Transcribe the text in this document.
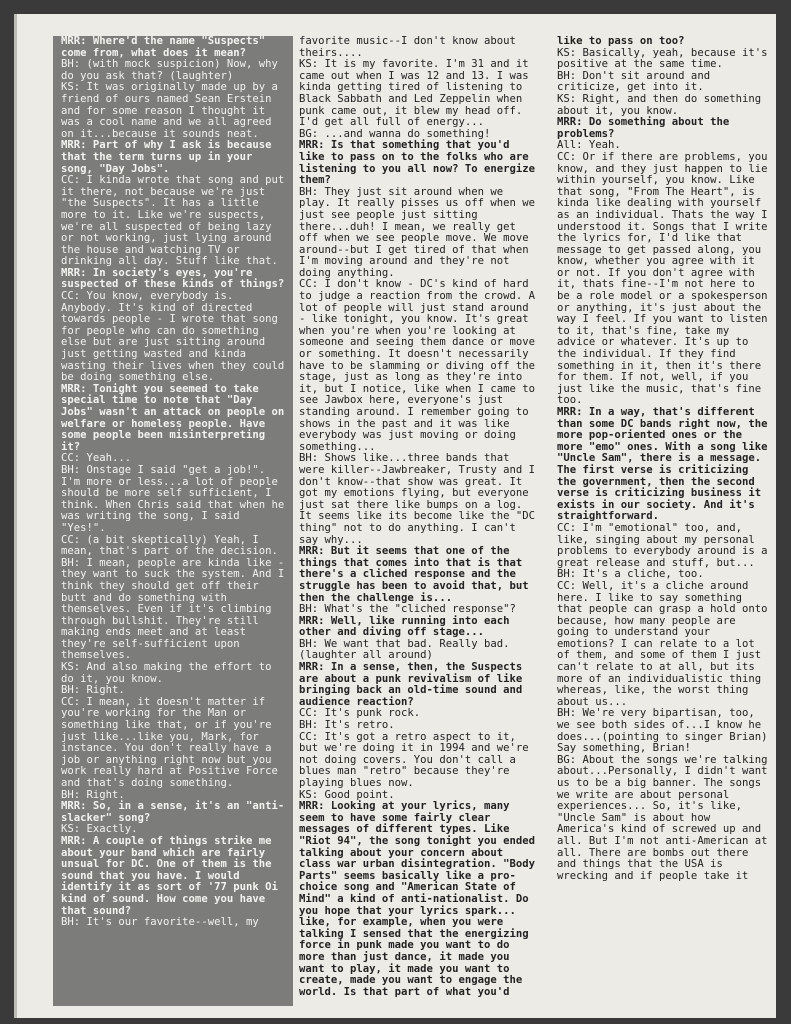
MRR: Where'd the name "Suspects" come from, what does it mean?

BH: (with mock suspicion) Now, why do you ask that? (laughter)

KS: It was originally made up by a friend of ours named Sean Erstein and for some reason I thought it was a cool name and we all agreed on it...because it sounds neat.

MRR: Part of why I ask is because that the term turns up in your song, "Day Jobs".

CC: I kinda wrote that song and put it there, not because we're just "the Suspects". It has a little more to it. Like we're suspects, we're all suspected of being lazy or not working, just lying around the house and watching TV or drinking all day. Stuff like that.

MRR: In society's eyes, you're suspected of these kinds of things?

CC: You know, everybody is. Anybody. It's kind of directed towards people - I wrote that song for people who can do something else but are just sitting around just getting wasted and kinda wasting their lives when they could be doing something else.

MRR: Tonight you seemed to take special time to note that "Day Jobs" wasn't an attack on people on welfare or homeless people. Have some people been misinterpreting it?

CC: Yeah...

BH: Onstage I said "get a job!". I'm more or less...a lot of people should be more self sufficient, I think. When Chris said that when he was writing the song, I said "Yes!".

CC: (a bit skeptically) Yeah, I mean, that's part of the decision.

BH: I mean, people are kinda like - they want to suck the system. And I think they should get off their butt and do something with themselves. Even if it's climbing through bullshit. They're still making ends meet and at least they're self-sufficient upon themselves.

KS: And also making the effort to do it, you know.

BH: Right.

CC: I mean, it doesn't matter if you're working for the Man or something like that, or if you're just like...like you, Mark, for instance. You don't really have a job or anything right now but you work really hard at Positive Force and that's doing something.

BH: Right.

MRR: So, in a sense, it's an "anti-slacker" song?

KS: Exactly.

MRR: A couple of things strike me about your band which are fairly unsual for DC. One of them is the sound that you have. I would identify it as sort of '77 punk Oi kind of sound. How come you have that sound?

BH: It's our favorite--well, my

favorite music--I don't know about theirs....

KS: It is my favorite. I'm 31 and it came out when I was 12 and 13. I was kinda getting tired of listening to Black Sabbath and Led Zeppelin when punk came out, it blew my head off. I'd get all full of energy...

BG: ...and wanna do something!

MRR: Is that something that you'd like to pass on to the folks who are listening to you all now? To energize them?

BH: They just sit around when we play. It really pisses us off when we just see people just sitting there...duh! I mean, we really get off when we see people move. We move around--but I get tired of that when I'm moving around and they're not doing anything.

CC: I don't know - DC's kind of hard to judge a reaction from the crowd. A lot of people will just stand around - like tonight, you know. It's great when you're when you're looking at someone and seeing them dance or move or something. It doesn't necessarily have to be slamming or diving off the stage, just as long as they're into it, but I notice, like when I came to see Jawbox here, everyone's just standing around. I remember going to shows in the past and it was like everybody was just moving or doing something...

BH: Shows like...three bands that were killer--Jawbreaker, Trusty and I don't know--that show was great. It got my emotions flying, but everyone just sat there like bumps on a log. It seems like its become like the "DC thing" not to do anything. I can't say why...

MRR: But it seems that one of the things that comes into that is that there's a cliched response and the struggle has been to avoid that, but then the challenge is...

BH: What's the "cliched response"?

MRR: Well, like running into each other and diving off stage...

BH: We want that bad. Really bad. (laughter all around)

MRR: In a sense, then, the Suspects are about a punk revivalism of like bringing back an old-time sound and audience reaction?

CC: It's punk rock.

BH: It's retro.

CC: It's got a retro aspect to it, but we're doing it in 1994 and we're not doing covers. You don't call a blues man "retro" because they're playing blues now.

KS: Good point.

MRR: Looking at your lyrics, many seem to have some fairly clear messages of different types. Like "Riot 94", the song tonight you ended talking about your concern about class war urban disintegration. "Body Parts" seems basically like a pro-choice song and "American State of Mind" a kind of anti-nationalist. Do you hope that your lyrics spark... like, for example, when you were talking I sensed that the energizing force in punk made you want to do more than just dance, it made you want to play, it made you want to create, made you want to engage the world. Is that part of what you'd

like to pass on too?

KS: Basically, yeah, because it's positive at the same time.

BH: Don't sit around and criticize, get into it.

KS: Right, and then do something about it, you know.

MRR: Do something about the problems?

All: Yeah.

CC: Or if there are problems, you know, and they just happen to lie within yourself, you know. Like that song, "From The Heart", is kinda like dealing with yourself as an individual. Thats the way I understood it. Songs that I write the lyrics for, I'd like that message to get passed along, you know, whether you agree with it or not. If you don't agree with it, thats fine--I'm not here to be a role model or a spokesperson or anything, it's just about the way I feel. If you want to listen to it, that's fine, take my advice or whatever. It's up to the individual. If they find something in it, then it's there for them. If not, well, if you just like the music, that's fine too.

MRR: In a way, that's different than some DC bands right now, the more pop-oriented ones or the more "emo" ones. With a song like "Uncle Sam", there is a message. The first verse is criticizing the government, then the second verse is criticizing business it exists in our society. And it's straightforward.

CC: I'm "emotional" too, and, like, singing about my personal problems to everybody around is a great release and stuff, but...

BH: It's a cliche, too.

CC: Well, it's a cliche around here. I like to say something that people can grasp a hold onto because, how many people are going to understand your emotions? I can relate to a lot of them, and some of them I just can't relate to at all, but its more of an individualistic thing whereas, like, the worst thing about us...

BH: We're very bipartisan, too, we see both sides of...I know he does...(pointing to singer Brian) Say something, Brian!

BG: About the songs we're talking about...Personally, I didn't want us to be a big banner. The songs we write are about personal experiences... So, it's like, "Uncle Sam" is about how America's kind of screwed up and all. But I'm not anti-American at all. There are bombs out there and things that the USA is wrecking and if people take it
